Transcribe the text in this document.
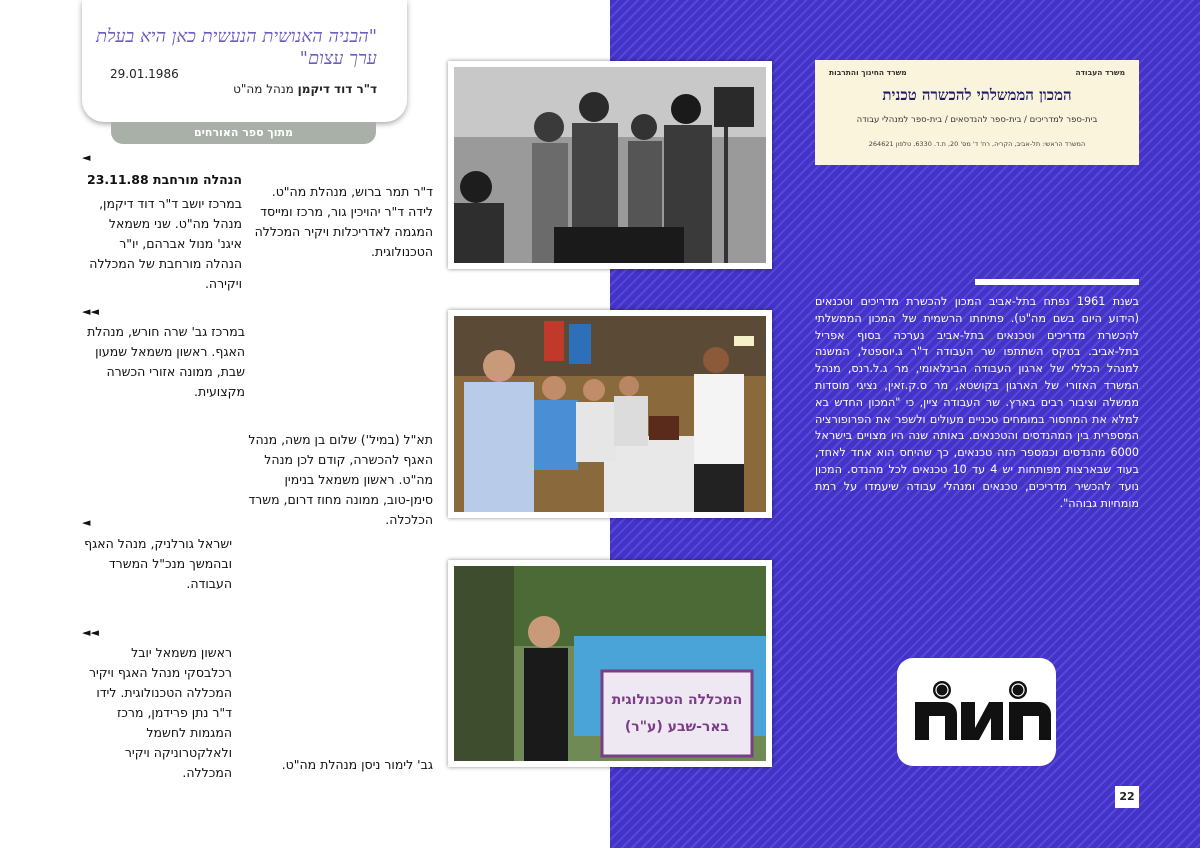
"הבניה האנושית הנעשית כאן היא בעלת ערך עצום"
29.01.1986
ד"ר דוד דיקמן מנהל מה"ט
מתוך ספר האורחים
◄
הנהלה מורחבת 23.11.88
במרכז יושב ד"ר דוד דיקמן, מנהל מה"ט. שני משמאל איגנ' מנול אברהם, יו"ר הנהלה מורחבת של המכללה ויקירה.
◄◄
במרכז גב' שרה חורש, מנהלת האגף. ראשון משמאל שמעון שבת, ממונה אזורי הכשרה מקצועית.
◄
ישראל גורלניק, מנהל האגף ובהמשך מנכ"ל המשרד העבודה.
◄◄
ראשון משמאל יובל רכלבסקי מנהל האגף ויקיר המכללה הטכנולוגית. לידו ד"ר נתן פרידמן, מרכז המגמות לחשמל ולאלקטרוניקה ויקיר המכללה.
ד"ר תמר ברוש, מנהלת מה"ט. לידה ד"ר יהויכין גור, מרכז ומייסד המגמה לאדריכלות ויקיר המכללה הטכנולוגית.
תא"ל (במיל') שלום בן משה, מנהל האגף להכשרה, קודם לכן מנהל מה"ט. ראשון משמאל בנימין סימן-טוב, ממונה מחוז דרום, משרד הכלכלה.
גב' לימור ניסן מנהלת מה"ט.
המכללה הטכנולוגית
באר-שבע (ע"ר)
משרד העבודה
משרד החינוך והתרבות
המכון הממשלתי להכשרה טכנית
בית-ספר למדריכים / בית-ספר להנדסאים / בית-ספר למנהלי עבודה
המשרד הראשי: תל-אביב, הקריה, רח' ד' מס' 20, ת.ד. 6330, טלפון 264621
בשנת 1961 נפתח בתל-אביב המכון להכשרת מדריכים וטכנאים (הידוע היום בשם מה"ט). פתיחתו הרשמית של המכון הממשלתי להכשרת מדריכים וטכנאים בתל-אביב נערכה בסוף אפריל בתל-אביב. בטקס השתתפו שר העבודה ד"ר ג.יוספטל, המשנה למנהל הכללי של ארגון העבודה הבינלאומי, מר ג.ל.רנס, מנהל המשרד האזורי של הארגון בקושטא, מר ס.ק.זאין, נציגי מוסדות ממשלה וציבור רבים בארץ. שר העבודה ציין, כי "המכון החדש בא למלא את המחסור במומחים טכניים מעולים ולשפר את הפרופורציה המספרית בין המהנדסים והטכנאים. באותה שנה היו מצויים בישראל 6000 מהנדסים וכמספר הזה טכנאים, כך שהיחס הוא אחד לאחד, בעוד שבארצות מפותחות יש 4 עד 10 טכנאים לכל מהנדס. המכון נועד להכשיר מדריכים, טכנאים ומנהלי עבודה שיעמדו על רמת מומחיות גבוהה".
22
